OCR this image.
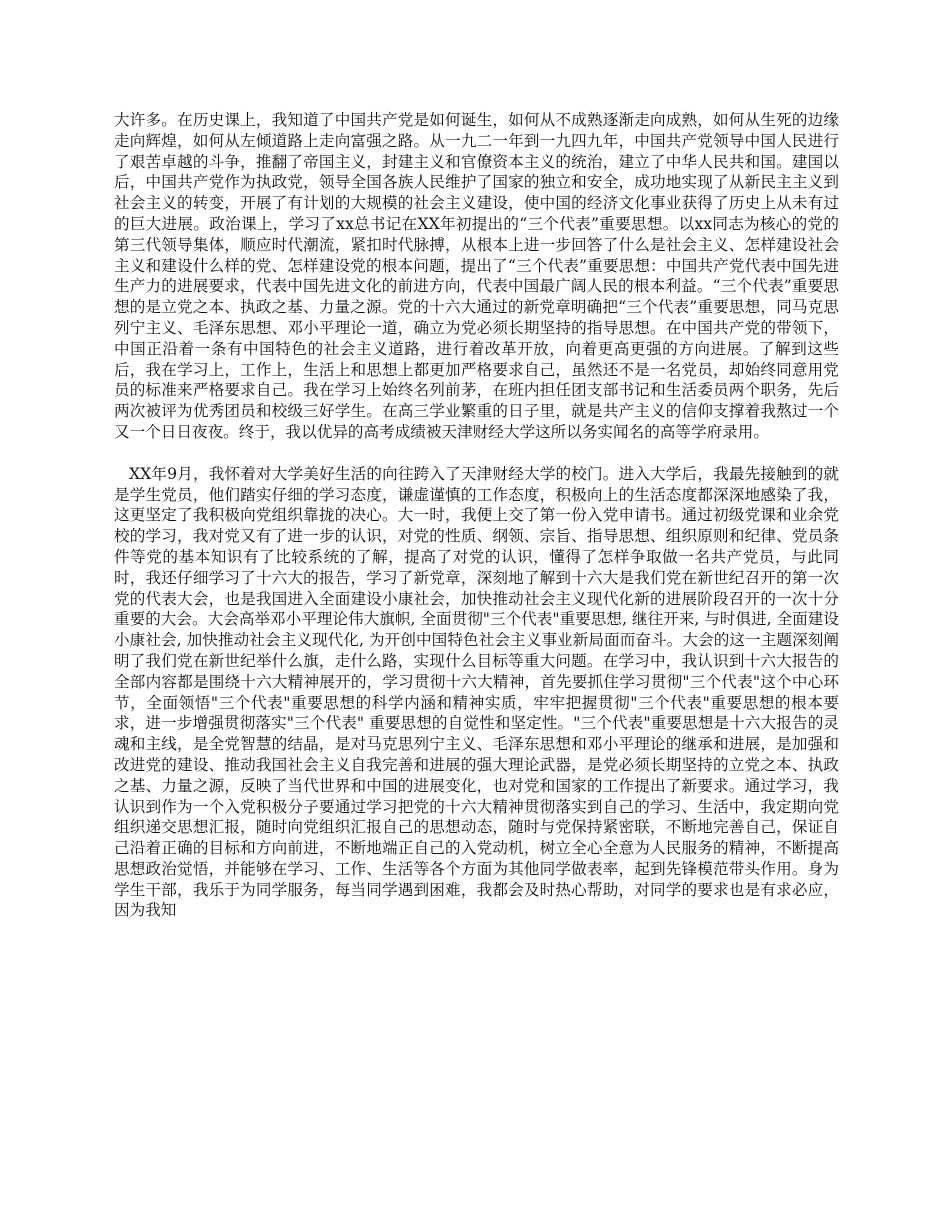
大许多。在历史课上，我知道了中国共产党是如何诞生，如何从不成熟逐渐走向成熟，如何从生死的边缘走向辉煌，如何从左倾道路上走向富强之路。从一九二一年到一九四九年，中国共产党领导中国人民进行了艰苦卓越的斗争，推翻了帝国主义，封建主义和官僚资本主义的统治，建立了中华人民共和国。建国以后，中国共产党作为执政党，领导全国各族人民维护了国家的独立和安全，成功地实现了从新民主主义到社会主义的转变，开展了有计划的大规模的社会主义建设，使中国的经济文化事业获得了历史上从未有过的巨大进展。政治课上，学习了xx总书记在XX年初提出的“三个代表”重要思想。以xx同志为核心的党的第三代领导集体，顺应时代潮流，紧扣时代脉搏，从根本上进一步回答了什么是社会主义、怎样建设社会主义和建设什么样的党、怎样建设党的根本问题，提出了“三个代表”重要思想：中国共产党代表中国先进生产力的进展要求，代表中国先进文化的前进方向，代表中国最广阔人民的根本利益。“三个代表”重要思想的是立党之本、执政之基、力量之源。党的十六大通过的新党章明确把“三个代表”重要思想，同马克思列宁主义、毛泽东思想、邓小平理论一道，确立为党必须长期坚持的指导思想。在中国共产党的带领下，中国正沿着一条有中国特色的社会主义道路，进行着改革开放，向着更高更强的方向进展。了解到这些后，我在学习上，工作上，生活上和思想上都更加严格要求自己，虽然还不是一名党员，却始终同意用党员的标准来严格要求自己。我在学习上始终名列前茅，在班内担任团支部书记和生活委员两个职务，先后两次被评为优秀团员和校级三好学生。在高三学业繁重的日子里，就是共产主义的信仰支撑着我熬过一个又一个日日夜夜。终于，我以优异的高考成绩被天津财经大学这所以务实闻名的高等学府录用。

XX年9月，我怀着对大学美好生活的向往跨入了天津财经大学的校门。进入大学后，我最先接触到的就是学生党员，他们踏实仔细的学习态度，谦虚谨慎的工作态度，积极向上的生活态度都深深地感染了我，这更坚定了我积极向党组织靠拢的决心。大一时，我便上交了第一份入党申请书。通过初级党课和业余党校的学习，我对党又有了进一步的认识，对党的性质、纲领、宗旨、指导思想、组织原则和纪律、党员条件等党的基本知识有了比较系统的了解，提高了对党的认识，懂得了怎样争取做一名共产党员，与此同时，我还仔细学习了十六大的报告，学习了新党章，深刻地了解到十六大是我们党在新世纪召开的第一次党的代表大会，也是我国进入全面建设小康社会，加快推动社会主义现代化新的进展阶段召开的一次十分重要的大会。大会高举邓小平理论伟大旗帜, 全面贯彻"三个代表"重要思想, 继往开来, 与时俱进, 全面建设小康社会, 加快推动社会主义现代化, 为开创中国特色社会主义事业新局面而奋斗。大会的这一主题深刻阐明了我们党在新世纪举什么旗，走什么路，实现什么目标等重大问题。在学习中，我认识到十六大报告的全部内容都是围绕十六大精神展开的，学习贯彻十六大精神，首先要抓住学习贯彻"三个代表"这个中心环节，全面领悟"三个代表"重要思想的科学内涵和精神实质，牢牢把握贯彻"三个代表"重要思想的根本要求，进一步增强贯彻落实"三个代表" 重要思想的自觉性和坚定性。"三个代表"重要思想是十六大报告的灵魂和主线，是全党智慧的结晶，是对马克思列宁主义、毛泽东思想和邓小平理论的继承和进展，是加强和改进党的建设、推动我国社会主义自我完善和进展的强大理论武器，是党必须长期坚持的立党之本、执政之基、力量之源，反映了当代世界和中国的进展变化，也对党和国家的工作提出了新要求。通过学习，我认识到作为一个入党积极分子要通过学习把党的十六大精神贯彻落实到自己的学习、生活中，我定期向党组织递交思想汇报，随时向党组织汇报自己的思想动态，随时与党保持紧密联，不断地完善自己，保证自己沿着正确的目标和方向前进，不断地端正自己的入党动机，树立全心全意为人民服务的精神，不断提高思想政治觉悟，并能够在学习、工作、生活等各个方面为其他同学做表率，起到先锋模范带头作用。身为学生干部，我乐于为同学服务，每当同学遇到困难，我都会及时热心帮助，对同学的要求也是有求必应，因为我知
